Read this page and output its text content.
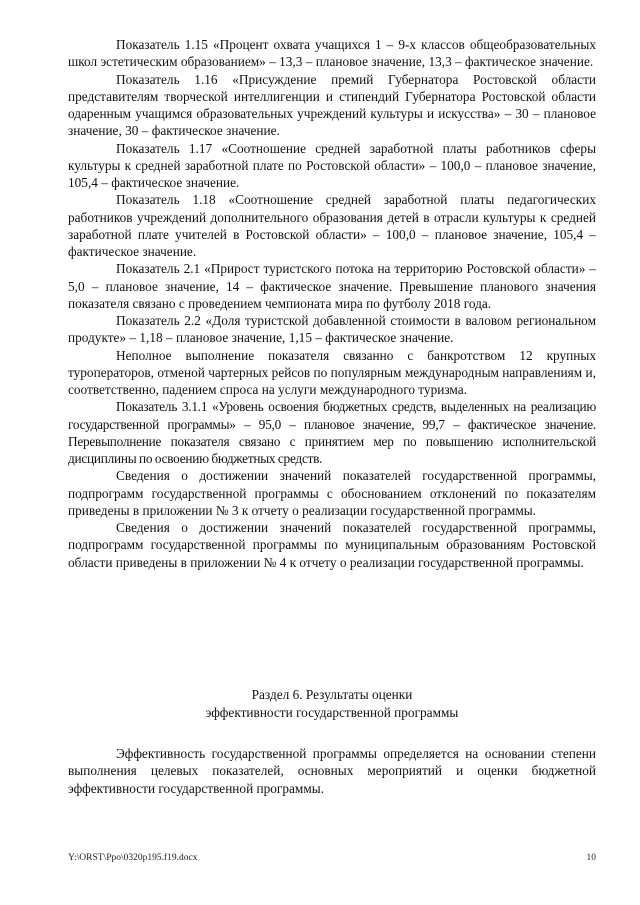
Показатель 1.15 «Процент охвата учащихся 1 – 9-х классов общеобразовательных школ эстетическим образованием» – 13,3 – плановое значение, 13,3 – фактическое значение.

Показатель 1.16 «Присуждение премий Губернатора Ростовской области представителям творческой интеллигенции и стипендий Губернатора Ростовской области одаренным учащимся образовательных учреждений культуры и искусства» – 30 – плановое значение, 30 – фактическое значение.

Показатель 1.17 «Соотношение средней заработной платы работников сферы культуры к средней заработной плате по Ростовской области» – 100,0 – плановое значение, 105,4 – фактическое значение.

Показатель 1.18 «Соотношение средней заработной платы педагогических работников учреждений дополнительного образования детей в отрасли культуры к средней заработной плате учителей в Ростовской области» – 100,0 – плановое значение, 105,4 – фактическое значение.

Показатель 2.1 «Прирост туристского потока на территорию Ростовской области» – 5,0 – плановое значение, 14 – фактическое значение. Превышение планового значения показателя связано с проведением чемпионата мира по футболу 2018 года.

Показатель 2.2 «Доля туристской добавленной стоимости в валовом региональном продукте» – 1,18 – плановое значение, 1,15 – фактическое значение.

Неполное выполнение показателя связанно с банкротством 12 крупных туроператоров, отменой чартерных рейсов по популярным международным направлениям и, соответственно, падением спроса на услуги международного туризма.

Показатель 3.1.1 «Уровень освоения бюджетных средств, выделенных на реализацию государственной программы» – 95,0 – плановое значение, 99,7 – фактическое значение. Перевыполнение показателя связано с принятием мер по повышению исполнительской дисциплины по освоению бюджетных средств.

Сведения о достижении значений показателей государственной программы, подпрограмм государственной программы с обоснованием отклонений по показателям приведены в приложении № 3 к отчету о реализации государственной программы.

Сведения о достижении значений показателей государственной программы, подпрограмм государственной программы по муниципальным образованиям Ростовской области приведены в приложении № 4 к отчету о реализации государственной программы.

Раздел 6. Результаты оценки
эффективности государственной программы

Эффективность государственной программы определяется на основании степени выполнения целевых показателей, основных мероприятий и оценки бюджетной эффективности государственной программы.

Y:\ORST\Ppo\0320p195.f19.docx	10
